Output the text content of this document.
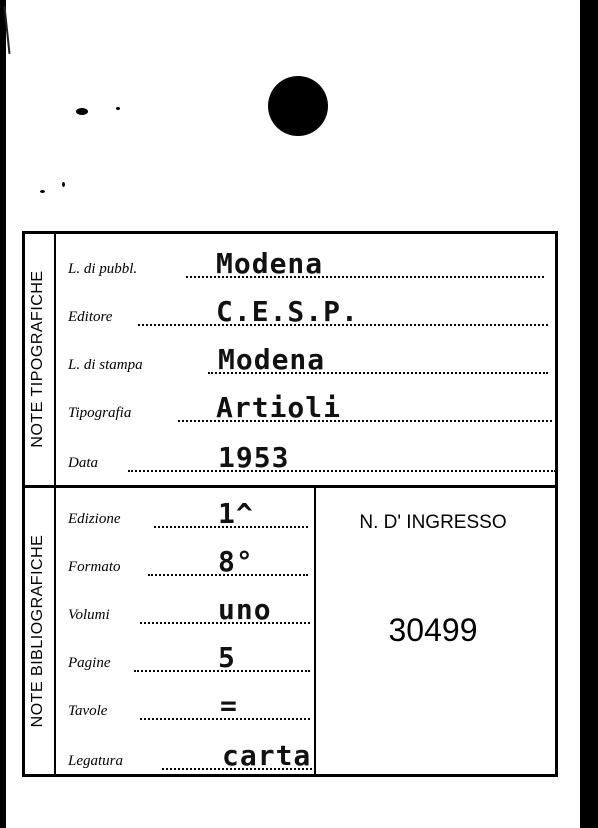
NOTE TIPOGRAFICHE
NOTE BIBLIOGRAFICHE
L. di pubbl.	Modena
Editore	C.E.S.P.
L. di stampa	Modena
Tipografia	Artioli
Data	1953
Edizione	1^
Formato	8°
Volumi	uno
Pagine	5
Tavole	=
Legatura	carta
N. D' INGRESSO
30499
